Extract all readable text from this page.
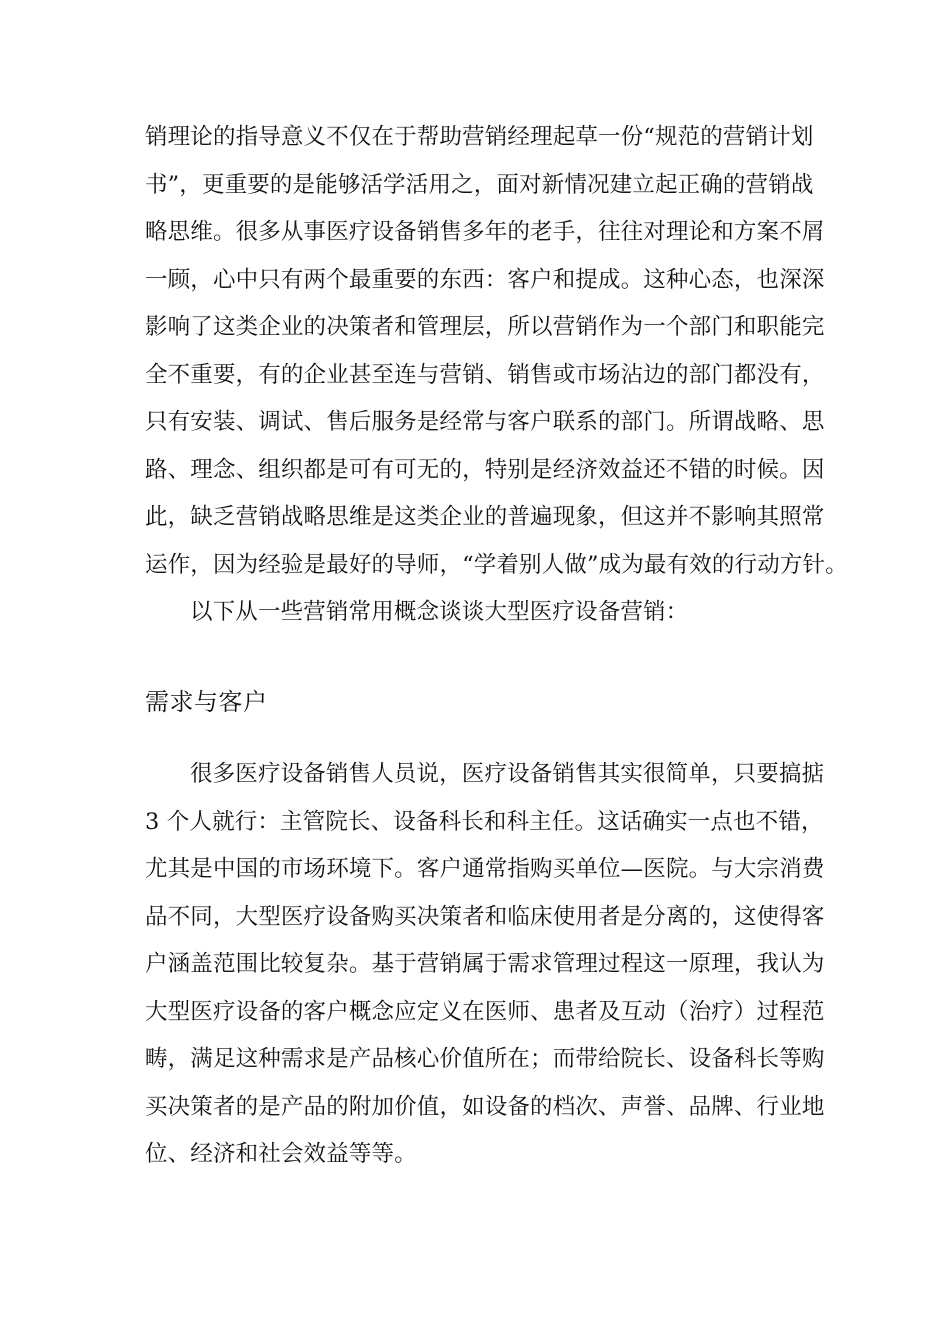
销理论的指导意义不仅在于帮助营销经理起草一份“规范的营销计划
书”，更重要的是能够活学活用之，面对新情况建立起正确的营销战
略思维。很多从事医疗设备销售多年的老手，往往对理论和方案不屑
一顾，心中只有两个最重要的东西：客户和提成。这种心态，也深深
影响了这类企业的决策者和管理层，所以营销作为一个部门和职能完
全不重要，有的企业甚至连与营销、销售或市场沾边的部门都没有，
只有安装、调试、售后服务是经常与客户联系的部门。所谓战略、思
路、理念、组织都是可有可无的，特别是经济效益还不错的时候。因
此，缺乏营销战略思维是这类企业的普遍现象，但这并不影响其照常
运作，因为经验是最好的导师，“学着别人做”成为最有效的行动方针。
以下从一些营销常用概念谈谈大型医疗设备营销：
需求与客户
很多医疗设备销售人员说，医疗设备销售其实很简单，只要搞掂
3 个人就行：主管院长、设备科长和科主任。这话确实一点也不错，
尤其是中国的市场环境下。客户通常指购买单位—医院。与大宗消费
品不同，大型医疗设备购买决策者和临床使用者是分离的，这使得客
户涵盖范围比较复杂。基于营销属于需求管理过程这一原理，我认为
大型医疗设备的客户概念应定义在医师、患者及互动（治疗）过程范
畴，满足这种需求是产品核心价值所在；而带给院长、设备科长等购
买决策者的是产品的附加价值，如设备的档次、声誉、品牌、行业地
位、经济和社会效益等等。
